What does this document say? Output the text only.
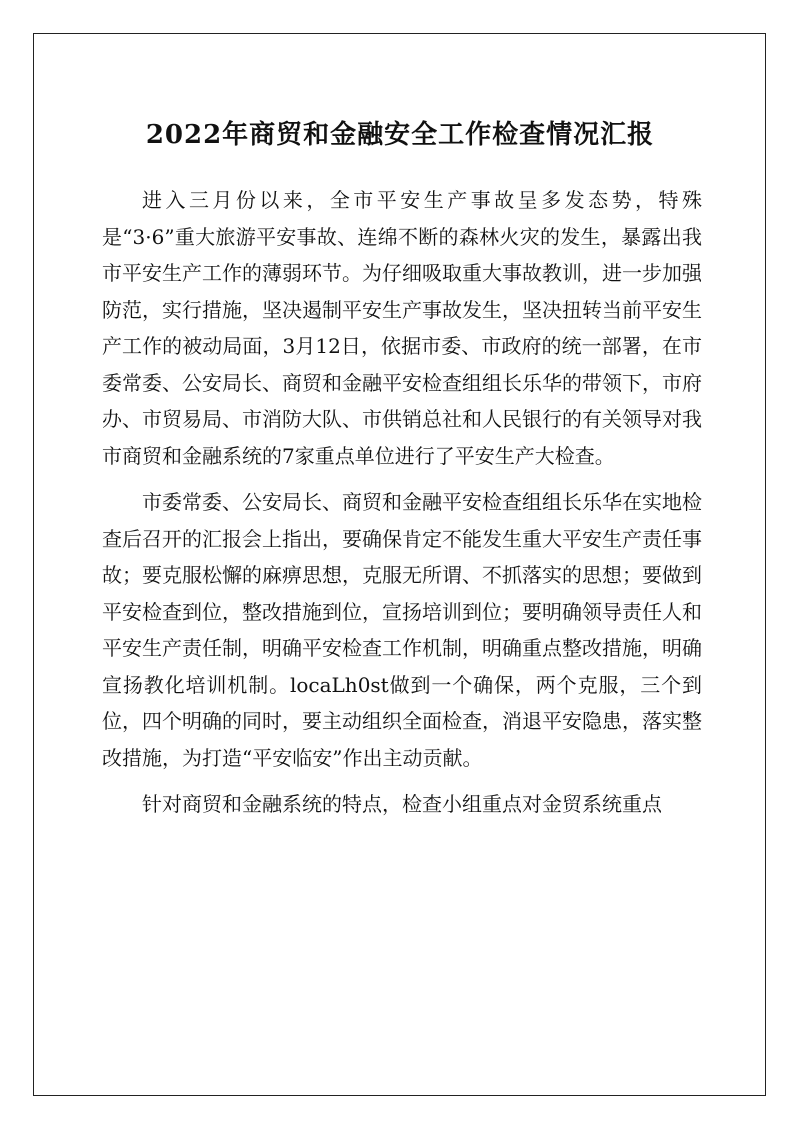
2022年商贸和金融安全工作检查情况汇报

进入三月份以来，全市平安生产事故呈多发态势，特殊是“3·6”重大旅游平安事故、连绵不断的森林火灾的发生，暴露出我市平安生产工作的薄弱环节。为仔细吸取重大事故教训，进一步加强防范，实行措施，坚决遏制平安生产事故发生，坚决扭转当前平安生产工作的被动局面，3月12日，依据市委、市政府的统一部署，在市委常委、公安局长、商贸和金融平安检查组组长乐华的带领下，市府办、市贸易局、市消防大队、市供销总社和人民银行的有关领导对我市商贸和金融系统的7家重点单位进行了平安生产大检查。

市委常委、公安局长、商贸和金融平安检查组组长乐华在实地检查后召开的汇报会上指出，要确保肯定不能发生重大平安生产责任事故；要克服松懈的麻痹思想，克服无所谓、不抓落实的思想；要做到平安检查到位，整改措施到位，宣扬培训到位；要明确领导责任人和平安生产责任制，明确平安检查工作机制，明确重点整改措施，明确宣扬教化培训机制。locaLh0st做到一个确保，两个克服，三个到位，四个明确的同时，要主动组织全面检查，消退平安隐患，落实整改措施，为打造“平安临安”作出主动贡献。

针对商贸和金融系统的特点，检查小组重点对金贸系统重点
